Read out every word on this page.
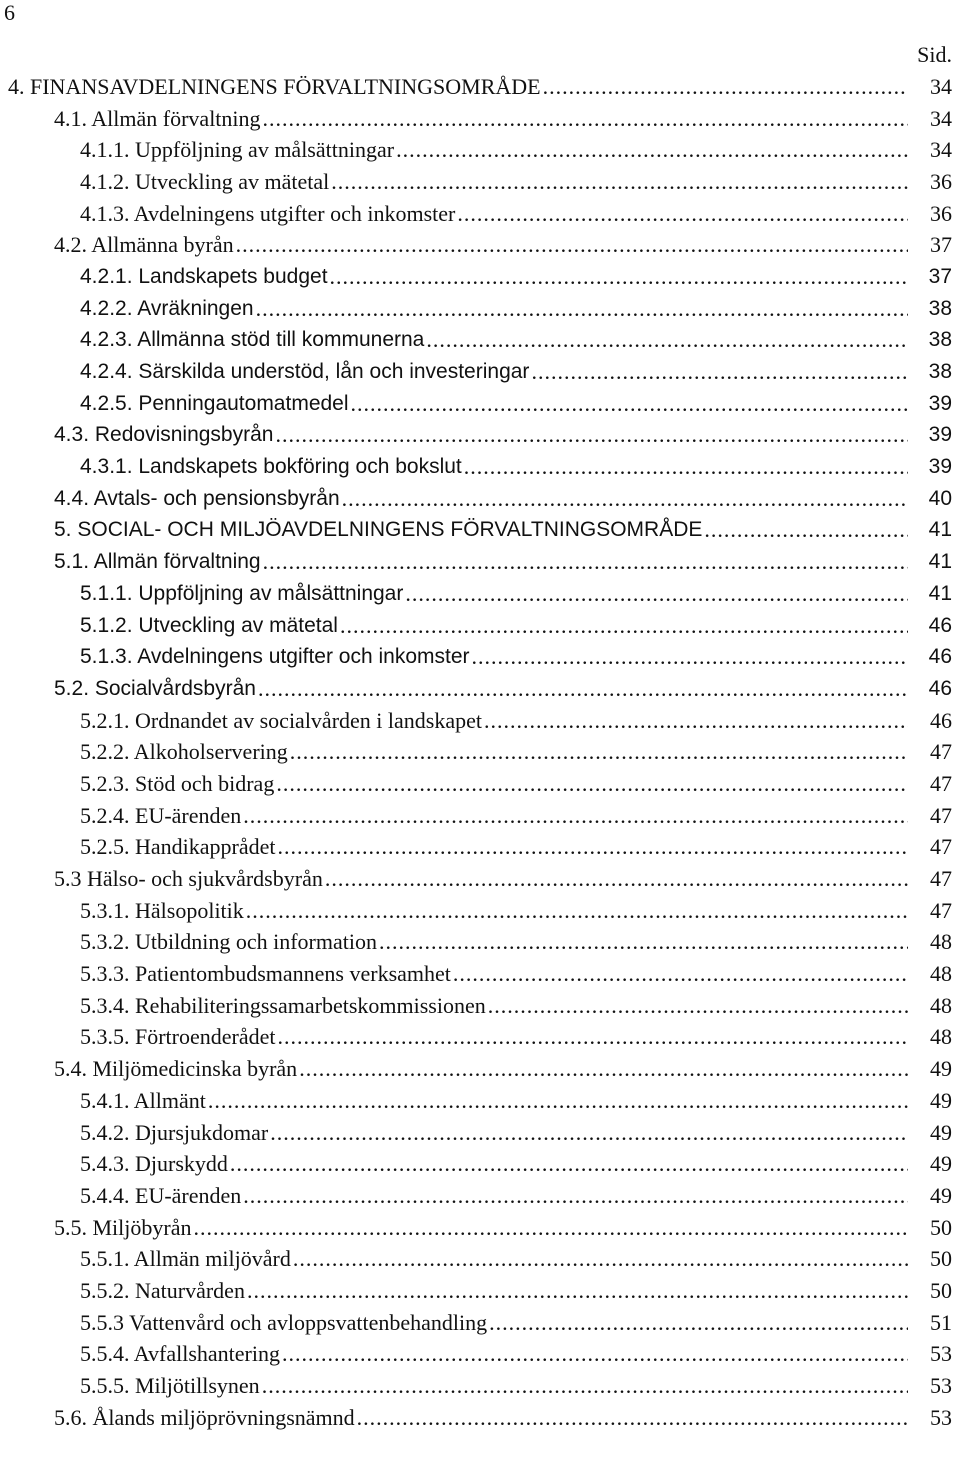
6
Sid.
4. FINANSAVDELNINGENS FÖRVALTNINGSOMRÅDE .....	34
4.1. Allmän förvaltning .....	34
4.1.1. Uppföljning av målsättningar .....	34
4.1.2. Utveckling av mätetal .....	36
4.1.3. Avdelningens utgifter och inkomster .....	36
4.2. Allmänna byrån .....	37
4.2.1. Landskapets budget .....	37
4.2.2. Avräkningen .....	38
4.2.3. Allmänna stöd till kommunerna .....	38
4.2.4. Särskilda understöd, lån och investeringar .....	38
4.2.5. Penningautomatmedel .....	39
4.3. Redovisningsbyrån .....	39
4.3.1. Landskapets bokföring och bokslut .....	39
4.4. Avtals- och pensionsbyrån .....	40
5. SOCIAL- OCH MILJÖAVDELNINGENS FÖRVALTNINGSOMRÅDE .....	41
5.1. Allmän förvaltning .....	41
5.1.1. Uppföljning av målsättningar .....	41
5.1.2. Utveckling av mätetal .....	46
5.1.3. Avdelningens utgifter och inkomster .....	46
5.2. Socialvårdsbyrån .....	46
5.2.1. Ordnandet av socialvården i landskapet .....	46
5.2.2. Alkoholservering .....	47
5.2.3. Stöd och bidrag .....	47
5.2.4. EU-ärenden .....	47
5.2.5. Handikapprådet .....	47
5.3 Hälso- och sjukvårdsbyrån .....	47
5.3.1. Hälsopolitik .....	47
5.3.2. Utbildning och information .....	48
5.3.3. Patientombudsmannens verksamhet .....	48
5.3.4. Rehabiliteringssamarbetskommissionen .....	48
5.3.5. Förtroenderådet .....	48
5.4. Miljömedicinska byrån .....	49
5.4.1. Allmänt .....	49
5.4.2. Djursjukdomar .....	49
5.4.3. Djurskydd .....	49
5.4.4. EU-ärenden .....	49
5.5. Miljöbyrån .....	50
5.5.1. Allmän miljövård .....	50
5.5.2. Naturvården .....	50
5.5.3 Vattenvård och avloppsvattenbehandling .....	51
5.5.4. Avfallshantering .....	53
5.5.5. Miljötillsynen .....	53
5.6. Ålands miljöprövningsnämnd .....	53
